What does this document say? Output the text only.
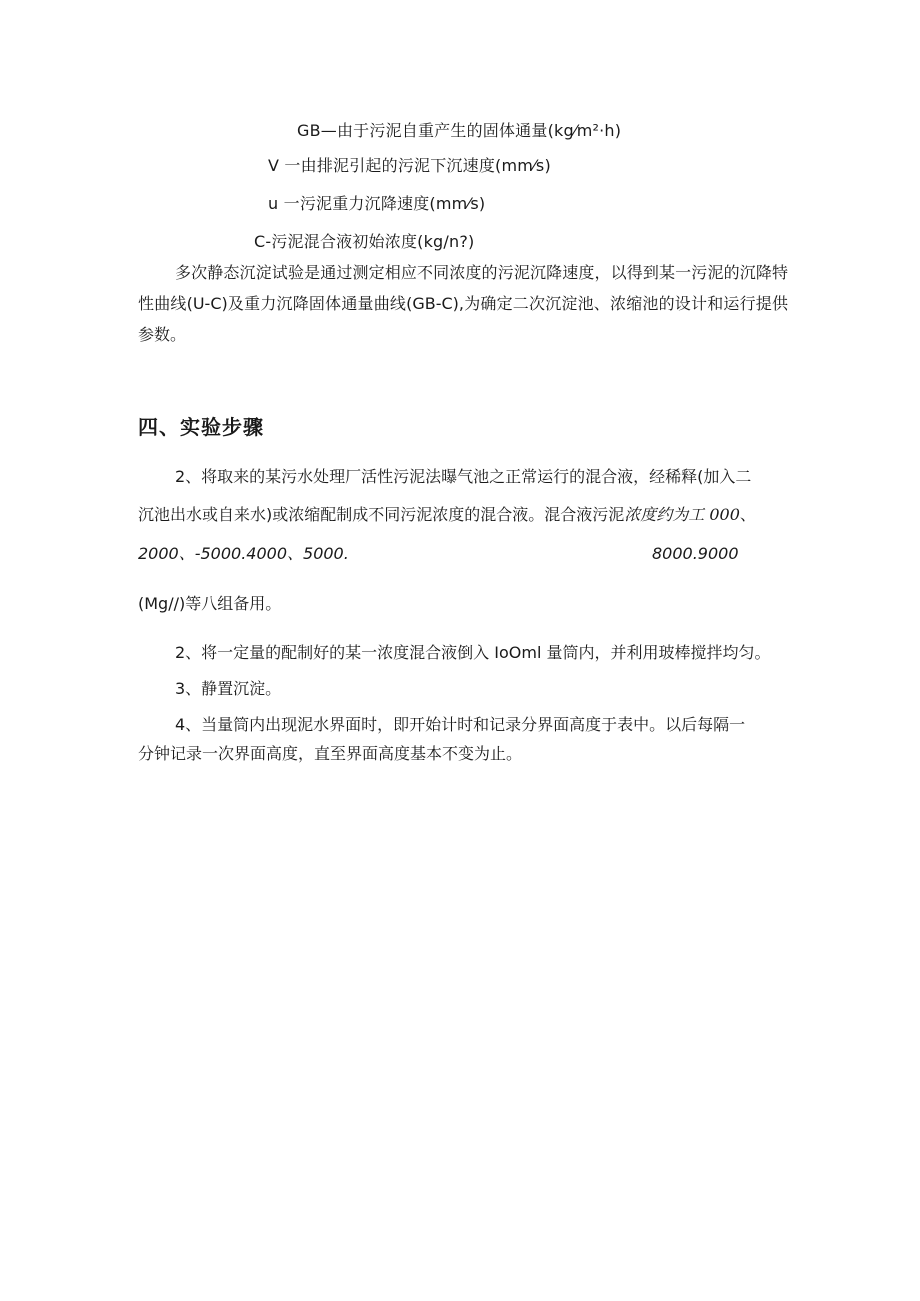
GB—由于污泥自重产生的固体通量(kg⁄m²·h)
V 一由排泥引起的污泥下沉速度(mm⁄s)
u 一污泥重力沉降速度(mm⁄s)
C-污泥混合液初始浓度(kg/n?)
多次静态沉淀试验是通过测定相应不同浓度的污泥沉降速度，以得到某一污泥的沉降特性曲线(U-C)及重力沉降固体通量曲线(GB-C),为确定二次沉淀池、浓缩池的设计和运行提供参数。
四、实验步骤
2、将取来的某污水处理厂活性污泥法曝气池之正常运行的混合液，经稀释(加入二
沉池出水或自来水)或浓缩配制成不同污泥浓度的混合液。混合液污泥浓度约为工 000、
2000、-5000.4000、5000.	8000.9000
(Mg//)等八组备用。
2、将一定量的配制好的某一浓度混合液倒入 IoOml 量筒内，并利用玻棒搅拌均匀。
3、静置沉淀。
4、当量筒内出现泥水界面时，即开始计时和记录分界面高度于表中。以后每隔一
分钟记录一次界面高度，直至界面高度基本不变为止。
